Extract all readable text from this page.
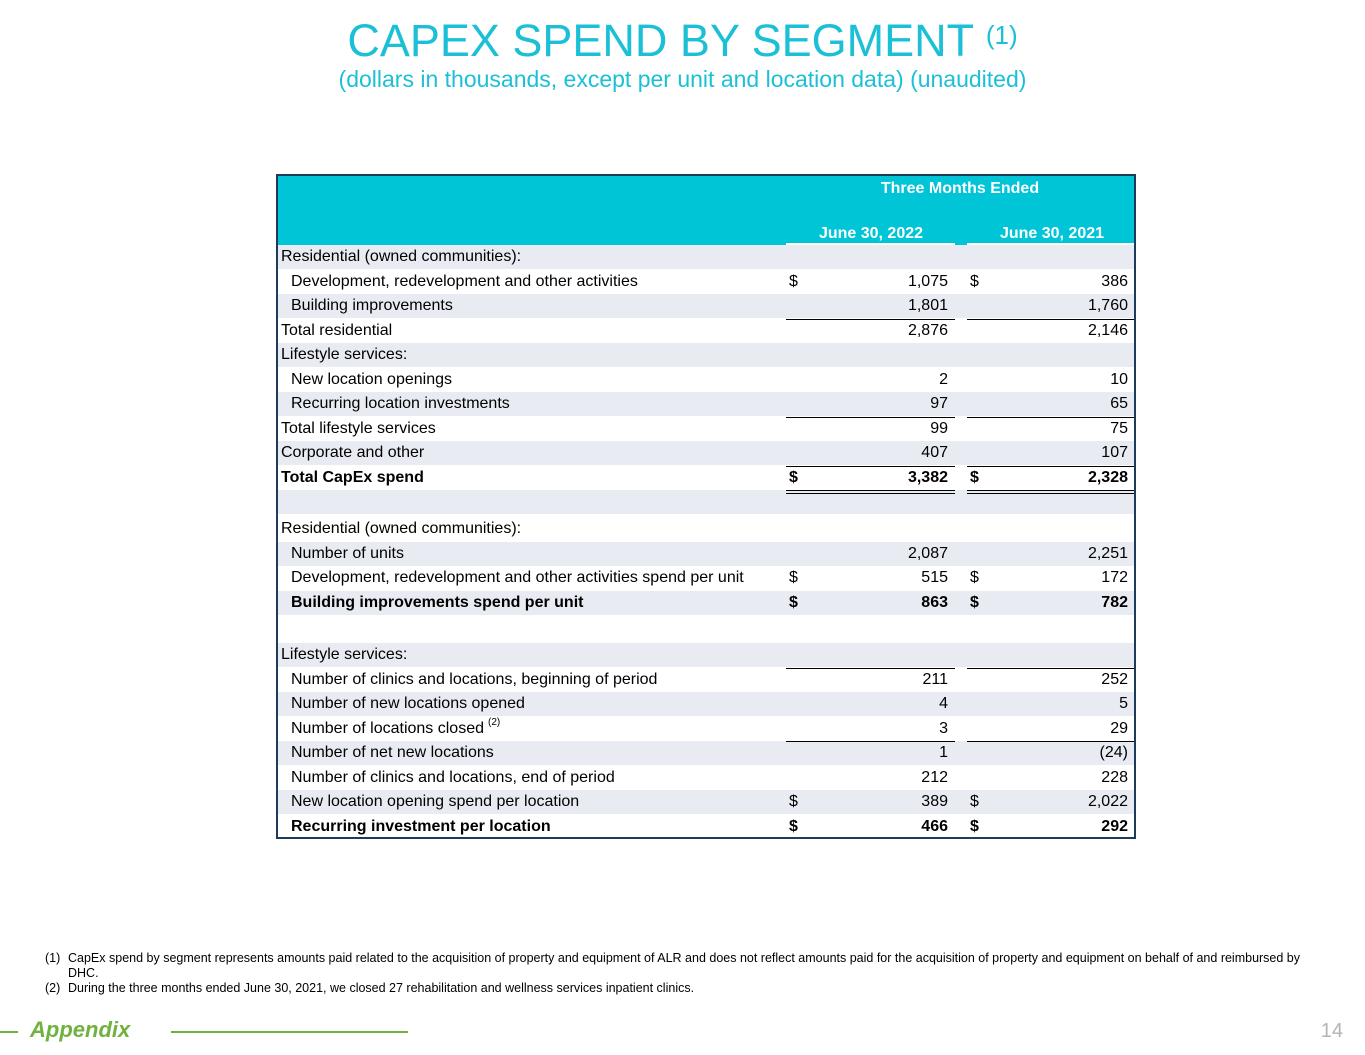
CAPEX SPEND BY SEGMENT $^{(1)}$
(dollars in thousands, except per unit and location data) (unaudited)
Three Months Ended
June 30, 2022	June 30, 2021
Residential (owned communities):
Development, redevelopment and other activities	$	1,075 $	386
Building improvements	1,801	1,760
Total residential	2,876	2,146
Lifestyle services:
New location openings	2	10
Recurring location investments	97	65
Total lifestyle services	99	75
Corporate and other	407	107
Total CapEx spend	$	3,382 $	2,328
Residential (owned communities):
Number of units	2,087	2,251
Development, redevelopment and other activities spend per unit	$	515 $	172
Building improvements spend per unit	$	863 $	782
Lifestyle services:
Number of clinics and locations, beginning of period	211	252
Number of new locations opened	4	5
Number of locations closed (2)	3	29
Number of net new locations	1	(24)
Number of clinics and locations, end of period	212	228
New location opening spend per location	$	389 $	2,022
Recurring investment per location	$	466 $	292
(1) CapEx spend by segment represents amounts paid related to the acquisition of property and equipment of ALR and does not reflect amounts paid for the acquisition of property and equipment on behalf of and reimbursed by DHC.
(2) During the three months ended June 30, 2021, we closed 27 rehabilitation and wellness services inpatient clinics.
Appendix	14
